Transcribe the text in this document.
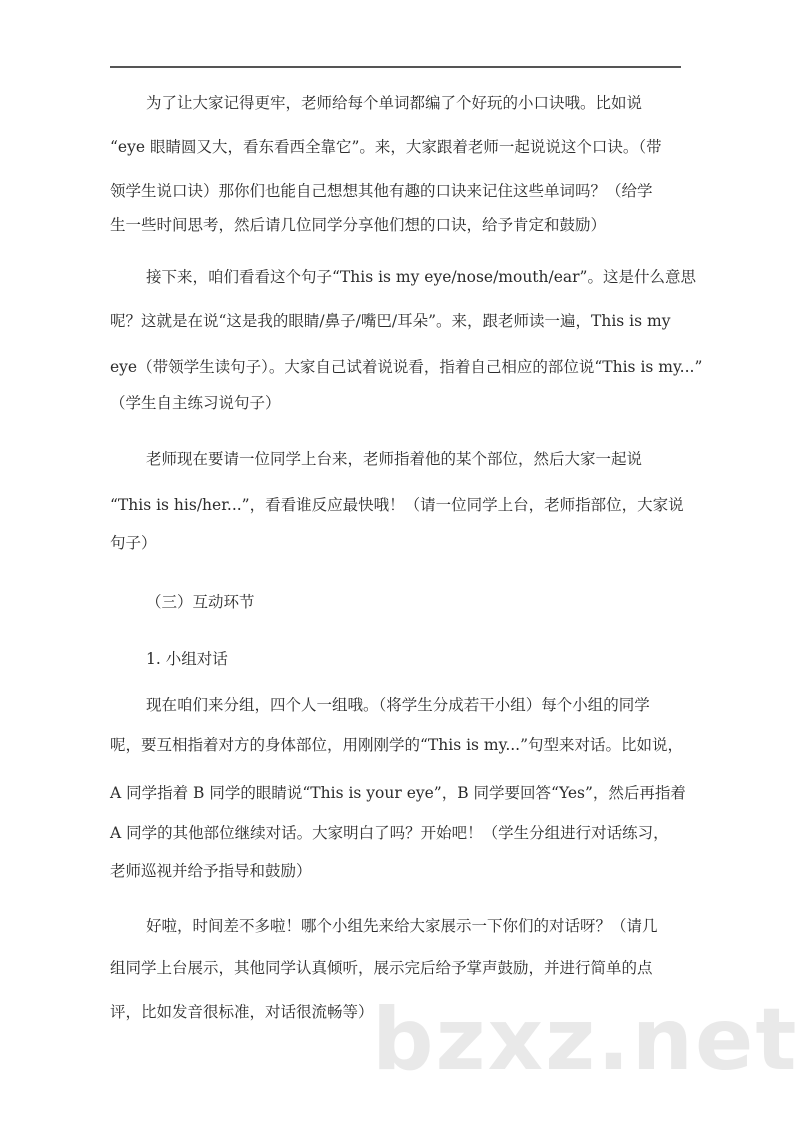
为了让大家记得更牢，老师给每个单词都编了个好玩的小口诀哦。比如说
“eye 眼睛圆又大，看东看西全靠它”。来，大家跟着老师一起说说这个口诀。（带
领学生说口诀）那你们也能自己想想其他有趣的口诀来记住这些单词吗？（给学
生一些时间思考，然后请几位同学分享他们想的口诀，给予肯定和鼓励）
接下来，咱们看看这个句子“This is my eye/nose/mouth/ear”。这是什么意思
呢？这就是在说“这是我的眼睛/鼻子/嘴巴/耳朵”。来，跟老师读一遍，This is my
eye（带领学生读句子）。大家自己试着说说看，指着自己相应的部位说“This is my...”
（学生自主练习说句子）
老师现在要请一位同学上台来，老师指着他的某个部位，然后大家一起说
“This is his/her...”，看看谁反应最快哦！（请一位同学上台，老师指部位，大家说
句子）
（三）互动环节
1. 小组对话
现在咱们来分组，四个人一组哦。（将学生分成若干小组）每个小组的同学
呢，要互相指着对方的身体部位，用刚刚学的“This is my...”句型来对话。比如说，
A 同学指着 B 同学的眼睛说“This is your eye”，B 同学要回答“Yes”，然后再指着
A 同学的其他部位继续对话。大家明白了吗？开始吧！（学生分组进行对话练习，
老师巡视并给予指导和鼓励）
好啦，时间差不多啦！哪个小组先来给大家展示一下你们的对话呀？（请几
组同学上台展示，其他同学认真倾听，展示完后给予掌声鼓励，并进行简单的点
评，比如发音很标准，对话很流畅等）
bzxz.net
